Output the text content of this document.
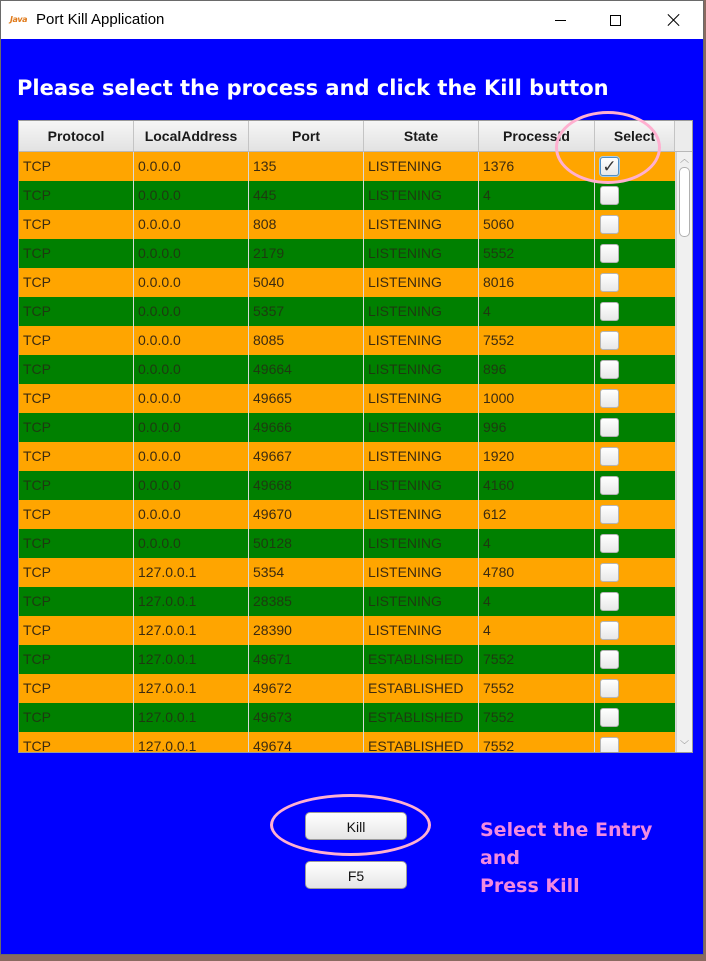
Java Port Kill Application
Please select the process and click the Kill button
Protocol	LocalAddress	Port	State	ProcessId	Select
TCP	0.0.0.0	135	LISTENING	1376	✓
TCP	0.0.0.0	445	LISTENING	4
TCP	0.0.0.0	808	LISTENING	5060
TCP	0.0.0.0	2179	LISTENING	5552
TCP	0.0.0.0	5040	LISTENING	8016
TCP	0.0.0.0	5357	LISTENING	4
TCP	0.0.0.0	8085	LISTENING	7552
TCP	0.0.0.0	49664	LISTENING	896
TCP	0.0.0.0	49665	LISTENING	1000
TCP	0.0.0.0	49666	LISTENING	996
TCP	0.0.0.0	49667	LISTENING	1920
TCP	0.0.0.0	49668	LISTENING	4160
TCP	0.0.0.0	49670	LISTENING	612
TCP	0.0.0.0	50128	LISTENING	4
TCP	127.0.0.1	5354	LISTENING	4780
TCP	127.0.0.1	28385	LISTENING	4
TCP	127.0.0.1	28390	LISTENING	4
TCP	127.0.0.1	49671	ESTABLISHED	7552
TCP	127.0.0.1	49672	ESTABLISHED	7552
TCP	127.0.0.1	49673	ESTABLISHED	7552
TCP	127.0.0.1	49674	ESTABLISHED	7552
︿
﹀
Kill
F5
Select the Entry and
Press Kill
